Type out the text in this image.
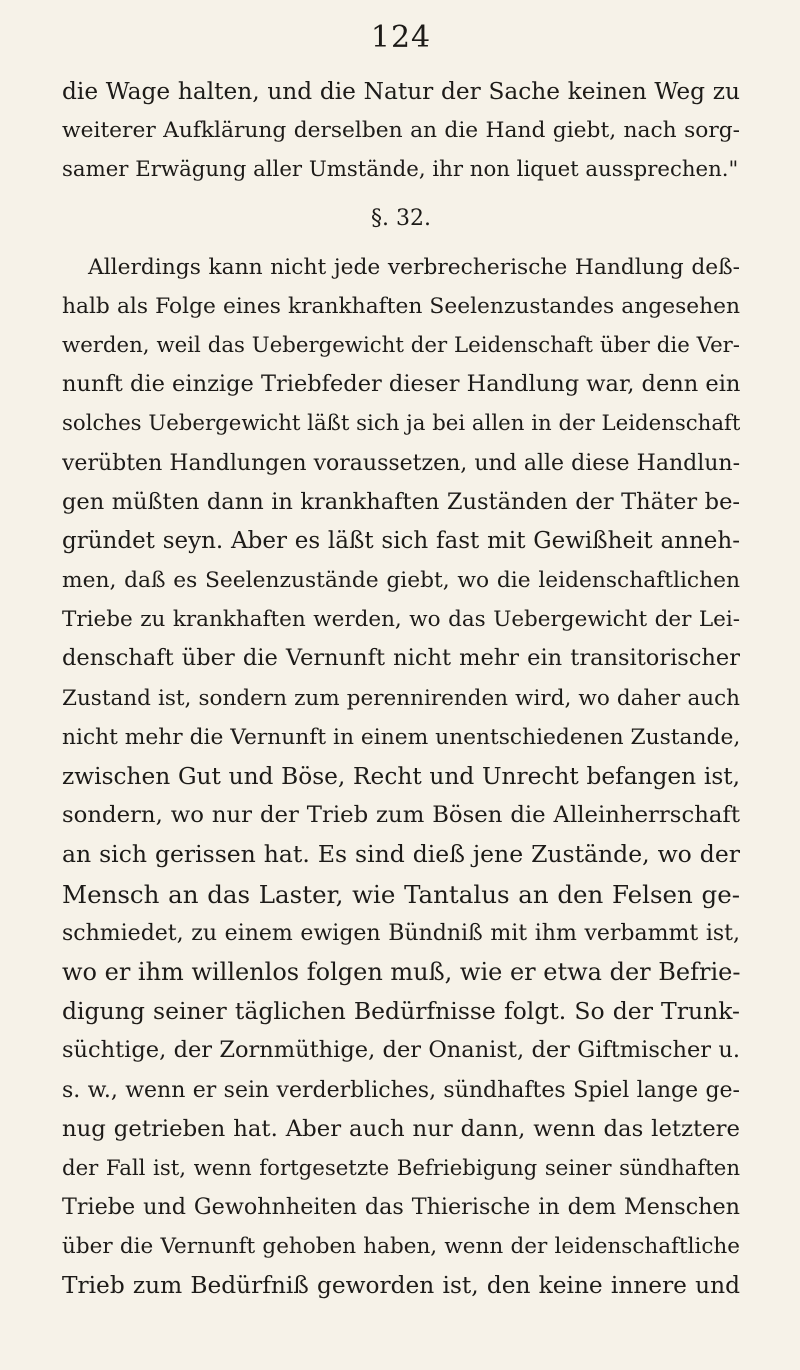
124
die Wage halten, und die Natur der Sache keinen Weg zu
weiterer Aufklärung derselben an die Hand giebt, nach sorg-
samer Erwägung aller Umstände, ihr non liquet aussprechen."
§. 32.
Allerdings kann nicht jede verbrecherische Handlung deß-
halb als Folge eines krankhaften Seelenzustandes angesehen
werden, weil das Uebergewicht der Leidenschaft über die Ver-
nunft die einzige Triebfeder dieser Handlung war, denn ein
solches Uebergewicht läßt sich ja bei allen in der Leidenschaft
verübten Handlungen voraussetzen, und alle diese Handlun-
gen müßten dann in krankhaften Zuständen der Thäter be-
gründet seyn. Aber es läßt sich fast mit Gewißheit anneh-
men, daß es Seelenzustände giebt, wo die leidenschaftlichen
Triebe zu krankhaften werden, wo das Uebergewicht der Lei-
denschaft über die Vernunft nicht mehr ein transitorischer
Zustand ist, sondern zum perennirenden wird, wo daher auch
nicht mehr die Vernunft in einem unentschiedenen Zustande,
zwischen Gut und Böse, Recht und Unrecht befangen ist,
sondern, wo nur der Trieb zum Bösen die Alleinherrschaft
an sich gerissen hat. Es sind dieß jene Zustände, wo der
Mensch an das Laster, wie Tantalus an den Felsen ge-
schmiedet, zu einem ewigen Bündniß mit ihm verbammt ist,
wo er ihm willenlos folgen muß, wie er etwa der Befrie-
digung seiner täglichen Bedürfnisse folgt. So der Trunk-
süchtige, der Zornmüthige, der Onanist, der Giftmischer u.
s. w., wenn er sein verderbliches, sündhaftes Spiel lange ge-
nug getrieben hat. Aber auch nur dann, wenn das letztere
der Fall ist, wenn fortgesetzte Befriebigung seiner sündhaften
Triebe und Gewohnheiten das Thierische in dem Menschen
über die Vernunft gehoben haben, wenn der leidenschaftliche
Trieb zum Bedürfniß geworden ist, den keine innere und
